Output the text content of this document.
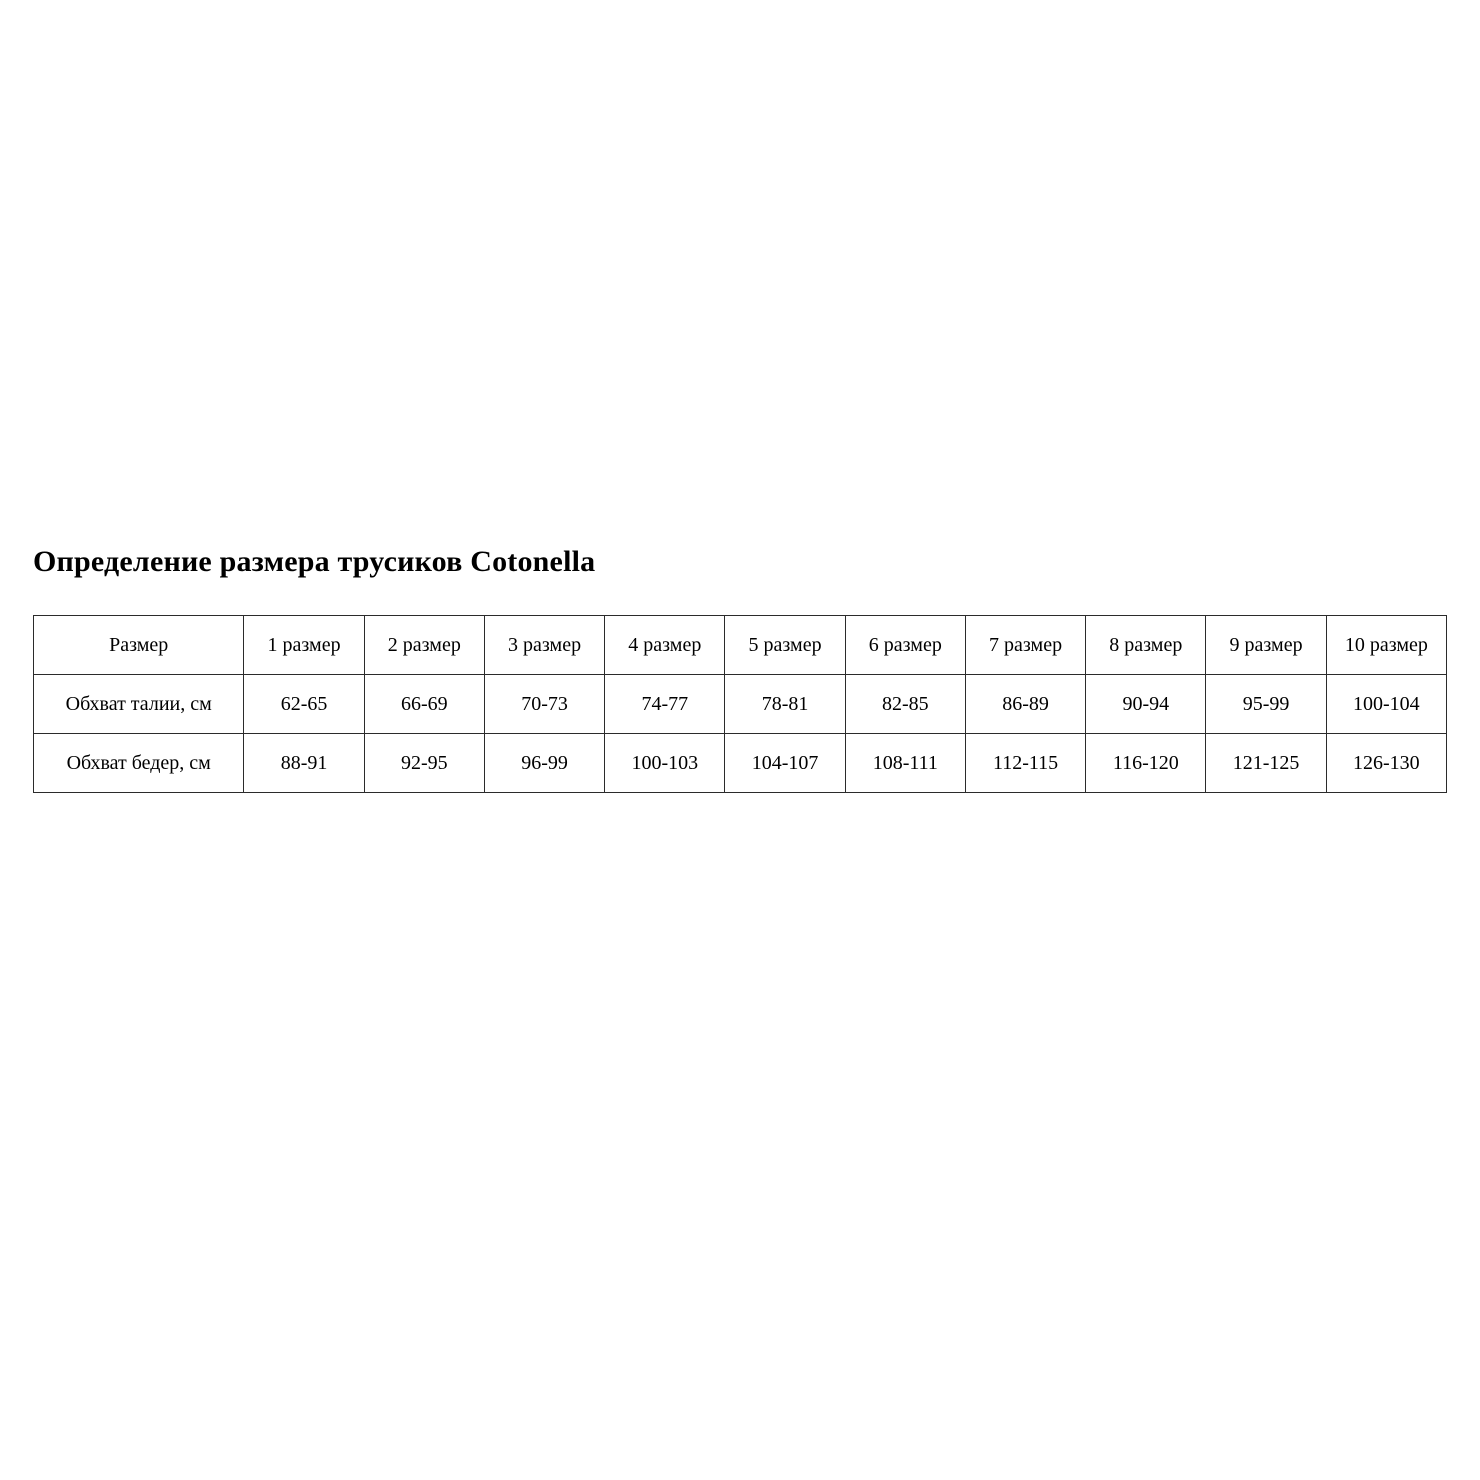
Определение размера трусиков Cotonella
Размер	1 размер	2 размер	3 размер	4 размер	5 размер	6 размер	7 размер	8 размер	9 размер	10 размер
Обхват талии, см	62-65	66-69	70-73	74-77	78-81	82-85	86-89	90-94	95-99	100-104
Обхват бедер, см	88-91	92-95	96-99	100-103	104-107	108-111	112-115	116-120	121-125	126-130
